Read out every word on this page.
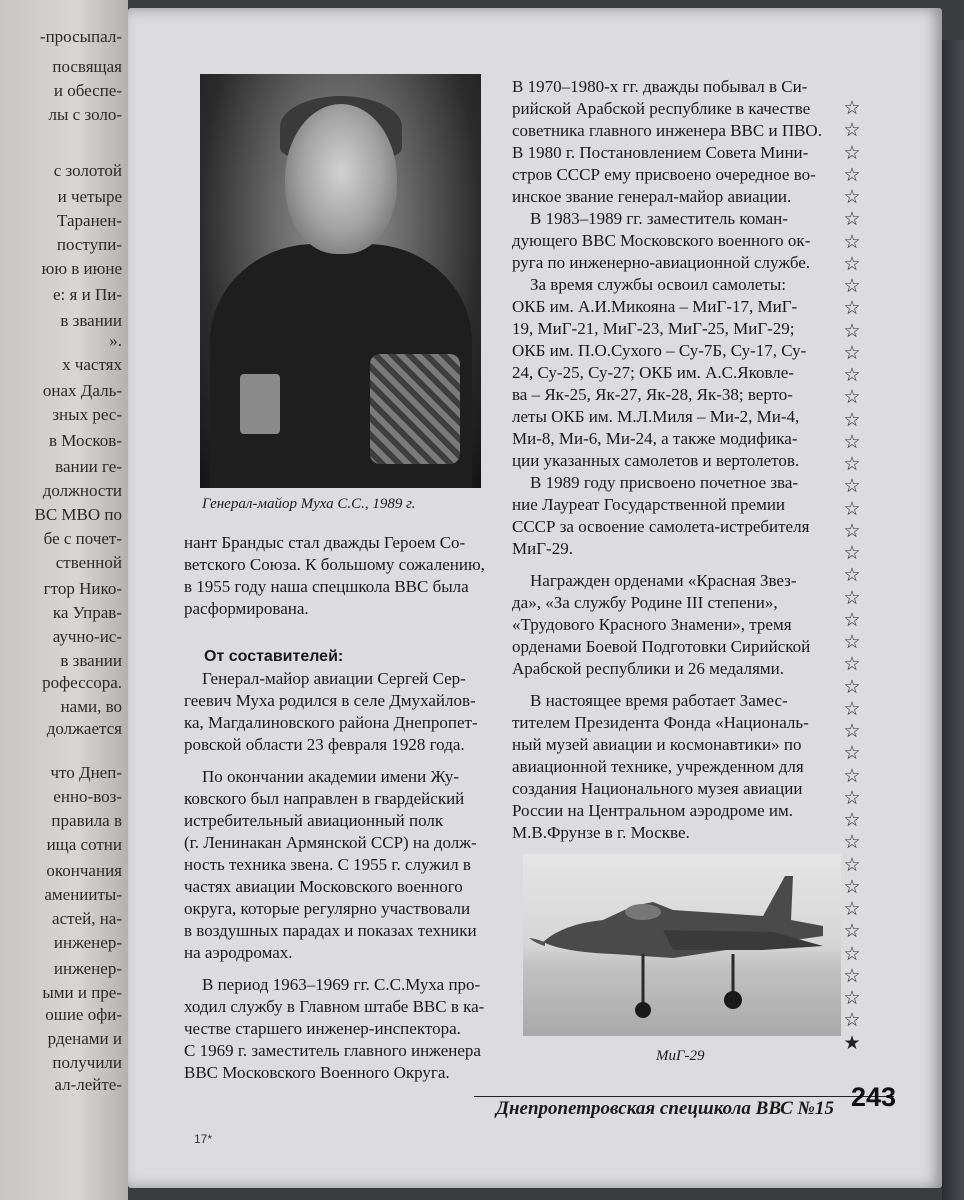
-просыпал-
посвящая
и обеспе-
лы с золо-
с золотой
и четыре
Таранен-
поступи-
юю в июне
е: я и Пи-
в звании
».
х частях
онах Даль-
зных рес-
в Москов-
вании ге-
должности
ВС МВО по
бе с почет-
ственной
гтор Нико-
ка Управ-
аучно-ис-
в звании
рофессора.
нами, во
должается
что Днеп-
енно-воз-
правила в
ища сотни
окончания
аменииты-
астей, на-
инженер-
инженер-
ыми и пре-
ошие офи-
рденами и
получили
ал-лейте-
Генерал-майор Муха С.С., 1989 г.
нант Брандыс стал дважды Героем Со-
ветского Союза. К большому сожалению,
в 1955 году наша спецшкола ВВС была
расформирована.
От составителей:
Генерал-майор авиации Сергей Сер-
геевич Муха родился в селе Дмухайлов-
ка, Магдалиновского района Днепропет-
ровской области 23 февраля 1928 года.
По окончании академии имени Жу-
ковского был направлен в гвардейский
истребительный авиационный полк
(г. Ленинакан Армянской ССР) на долж-
ность техника звена. С 1955 г. служил в
частях авиации Московского военного
округа, которые регулярно участвовали
в воздушных парадах и показах техники
на аэродромах.
В период 1963–1969 гг. С.С.Муха про-
ходил службу в Главном штабе ВВС в ка-
честве старшего инженер-инспектора.
С 1969 г. заместитель главного инженера
ВВС Московского Военного Округа.
В 1970–1980-х гг. дважды побывал в Си-
рийской Арабской республике в качестве
советника главного инженера ВВС и ПВО.
В 1980 г. Постановлением Совета Мини-
стров СССР ему присвоено очередное во-
инское звание генерал-майор авиации.
В 1983–1989 гг. заместитель коман-
дующего ВВС Московского военного ок-
руга по инженерно-авиационной службе.
За время службы освоил самолеты:
ОКБ им. А.И.Микояна – МиГ-17, МиГ-
19, МиГ-21, МиГ-23, МиГ-25, МиГ-29;
ОКБ им. П.О.Сухого – Су-7Б, Су-17, Су-
24, Су-25, Су-27; ОКБ им. А.С.Яковле-
ва – Як-25, Як-27, Як-28, Як-38; верто-
леты ОКБ им. М.Л.Миля – Ми-2, Ми-4,
Ми-8, Ми-6, Ми-24, а также модифика-
ции указанных самолетов и вертолетов.
В 1989 году присвоено почетное зва-
ние Лауреат Государственной премии
СССР за освоение самолета-истребителя
МиГ-29.
Награжден орденами «Красная Звез-
да», «За службу Родине III степени»,
«Трудового Красного Знамени», тремя
орденами Боевой Подготовки Сирийской
Арабской республики и 26 медалями.
В настоящее время работает Замес-
тителем Президента Фонда «Националь-
ный музей авиации и космонавтики» по
авиационной технике, учрежденном для
создания Национального музея авиации
России на Центральном аэродроме им.
М.В.Фрунзе в г. Москве.
МиГ-29
☆
☆
☆
☆
☆
☆
☆
☆
☆
☆
☆
☆
☆
☆
☆
☆
☆
☆
☆
☆
☆
☆
☆
☆
☆
☆
☆
☆
☆
☆
☆
☆
☆
☆
☆
☆
☆
☆
☆
☆
☆
☆
★
Днепропетровская спецшкола ВВС №15 243
17*
